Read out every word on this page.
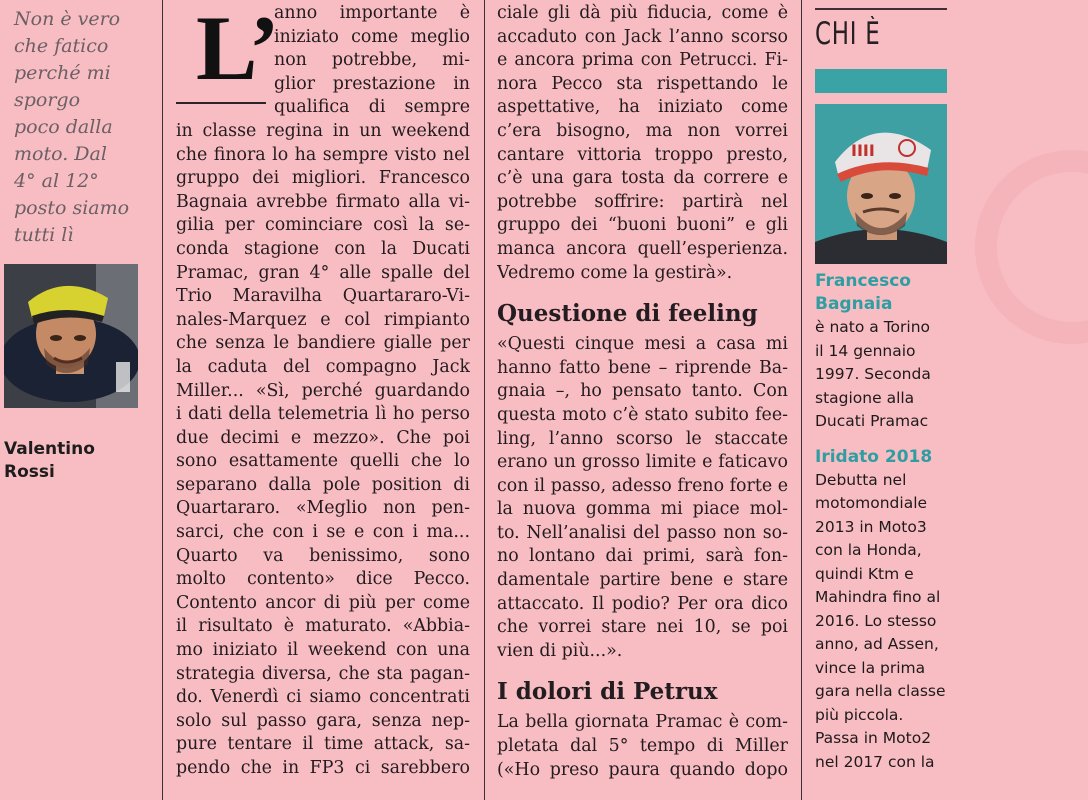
Non è vero
che fatico
perché mi
sporgo
poco dalla
moto. Dal
4° al 12°
posto siamo
tutti lì

Valentino
Rossi
L’
anno importante è
iniziato come meglio
non potrebbe, mi-
glior prestazione in
qualifica di sempre
in classe regina in un weekend
che finora lo ha sempre visto nel
gruppo dei migliori. Francesco
Bagnaia avrebbe firmato alla vi-
gilia per cominciare così la se-
conda stagione con la Ducati
Pramac, gran 4° alle spalle del
Trio Maravilha Quartararo-Vi-
nales-Marquez e col rimpianto
che senza le bandiere gialle per
la caduta del compagno Jack
Miller... «Sì, perché guardando
i dati della telemetria lì ho perso
due decimi e mezzo». Che poi
sono esattamente quelli che lo
separano dalla pole position di
Quartararo. «Meglio non pen-
sarci, che con i se e con i ma...
Quarto va benissimo, sono
molto contento» dice Pecco.
Contento ancor di più per come
il risultato è maturato. «Abbia-
mo iniziato il weekend con una
strategia diversa, che sta pagan-
do. Venerdì ci siamo concentrati
solo sul passo gara, senza nep-
pure tentare il time attack, sa-
pendo che in FP3 ci sarebbero
ciale gli dà più fiducia, come è
accaduto con Jack l’anno scorso
e ancora prima con Petrucci. Fi-
nora Pecco sta rispettando le
aspettative, ha iniziato come
c’era bisogno, ma non vorrei
cantare vittoria troppo presto,
c’è una gara tosta da correre e
potrebbe soffrire: partirà nel
gruppo dei “buoni buoni” e gli
manca ancora quell’esperienza.
Vedremo come la gestirà».
Questione di feeling
«Questi cinque mesi a casa mi
hanno fatto bene – riprende Ba-
gnaia –, ho pensato tanto. Con
questa moto c’è stato subito fee-
ling, l’anno scorso le staccate
erano un grosso limite e faticavo
con il passo, adesso freno forte e
la nuova gomma mi piace mol-
to. Nell’analisi del passo non so-
no lontano dai primi, sarà fon-
damentale partire bene e stare
attaccato. Il podio? Per ora dico
che vorrei stare nei 10, se poi
vien di più...».
I dolori di Petrux
La bella giornata Pramac è com-
pletata dal 5° tempo di Miller
(«Ho preso paura quando dopo
CHI È
IIII
Francesco
Bagnaia
è nato a Torino
il 14 gennaio
1997. Seconda
stagione alla
Ducati Pramac
Iridato 2018
Debutta nel
motomondiale
2013 in Moto3
con la Honda,
quindi Ktm e
Mahindra fino al
2016. Lo stesso
anno, ad Assen,
vince la prima
gara nella classe
più piccola.
Passa in Moto2
nel 2017 con la
